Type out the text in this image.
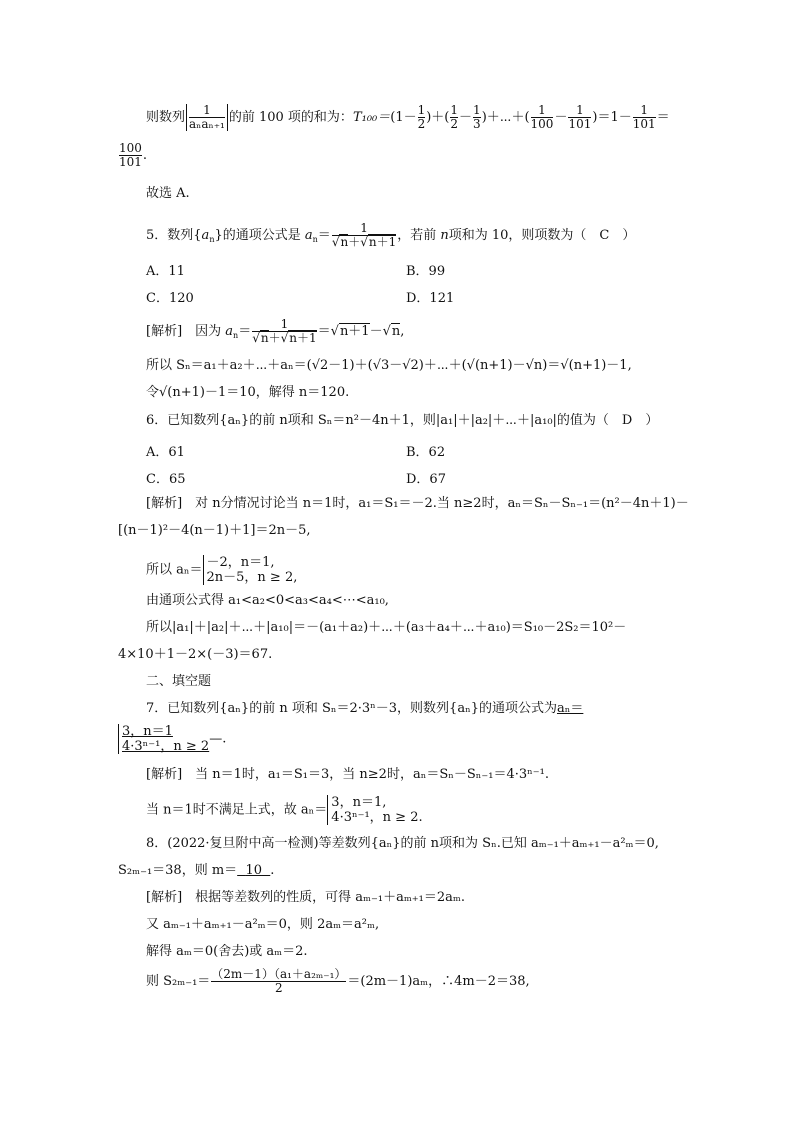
则数列 $\frac{1}{\text{aₙaₙ₊₁}}$ 的前 100 项的和为：$T_{100}=(1- \frac{1}{2}$ )＋( $\frac{1}{2} - \frac{1}{3}$ )＋⋯＋( $\frac{1}{100} - \frac{1}{101} )=1- \frac{1}{101}$ ＝
$\frac{100}{101}$ .
故选 A.
5．数列$\{a_n\}$的通项公式是 $a_n= \frac{1}{√n+√n+1}$ ，若前 n项和为 10，则项数为（　C　）
A．11	B．99
C．120	D．121
[解析]　因为 $a_n= \frac{1}{√n+√n+1} =√n+1-√n$,
所以 Sₙ＝a₁＋a₂＋⋯＋aₙ＝(√2－1)＋(√3－√2)＋⋯＋(√(n+1)－√n)＝√(n+1)－1,
令√(n+1)－1＝10，解得 n＝120.
6．已知数列{aₙ}的前 n项和 Sₙ＝n²－4n＋1，则|a₁|＋|a₂|＋⋯＋|a₁₀|的值为（　D　）
A．61	B．62
C．65	D．67
[解析]　对 n分情况讨论当 n＝1时，a₁＝S₁＝－2.当 n≥2时，aₙ＝Sₙ－Sₙ₋₁＝(n²－4n＋1)－
[(n－1)²－4(n－1)＋1]＝2n－5,
所以 aₙ＝ －2，n＝1,
2n－5，n ≥ 2,
由通项公式得 a₁<a₂<0<a₃<a₄<⋯<a₁₀,
所以|a₁|＋|a₂|＋⋯＋|a₁₀|＝－(a₁＋a₂)＋⋯＋(a₃＋a₄＋⋯＋a₁₀)＝S₁₀－2S₂＝10²－
4×10＋1－2×(－3)＝67.
二、填空题
7．已知数列{aₙ}的前 n 项和 Sₙ＝2·3ⁿ－3，则数列{aₙ}的通项公式为aₙ＝
3，n＝1
4·3ⁿ⁻¹，n ≥ 2 —.
[解析]　当 n＝1时，a₁＝S₁＝3，当 n≥2时，aₙ＝Sₙ－Sₙ₋₁＝4·3ⁿ⁻¹.
当 n＝1时不满足上式，故 aₙ＝ 3，n＝1,
4·3ⁿ⁻¹，n ≥ 2.
8．(2022·复旦附中高一检测)等差数列{aₙ}的前 n项和为 Sₙ.已知 aₘ₋₁＋aₘ₊₁－a²ₘ＝0,
S₂ₘ₋₁＝38，则 m＝ 10 .
[解析]　根据等差数列的性质，可得 aₘ₋₁＋aₘ₊₁＝2aₘ.
又 aₘ₋₁＋aₘ₊₁－a²ₘ＝0，则 2aₘ＝a²ₘ,
解得 aₘ＝0(舍去)或 aₘ＝2.
则 $S_{2m-1}= \frac{\text{（2m－1）（a₁＋a₂ₘ₋₁）}}{2} =(2m-1)a_m$，∴4m－2＝38,
